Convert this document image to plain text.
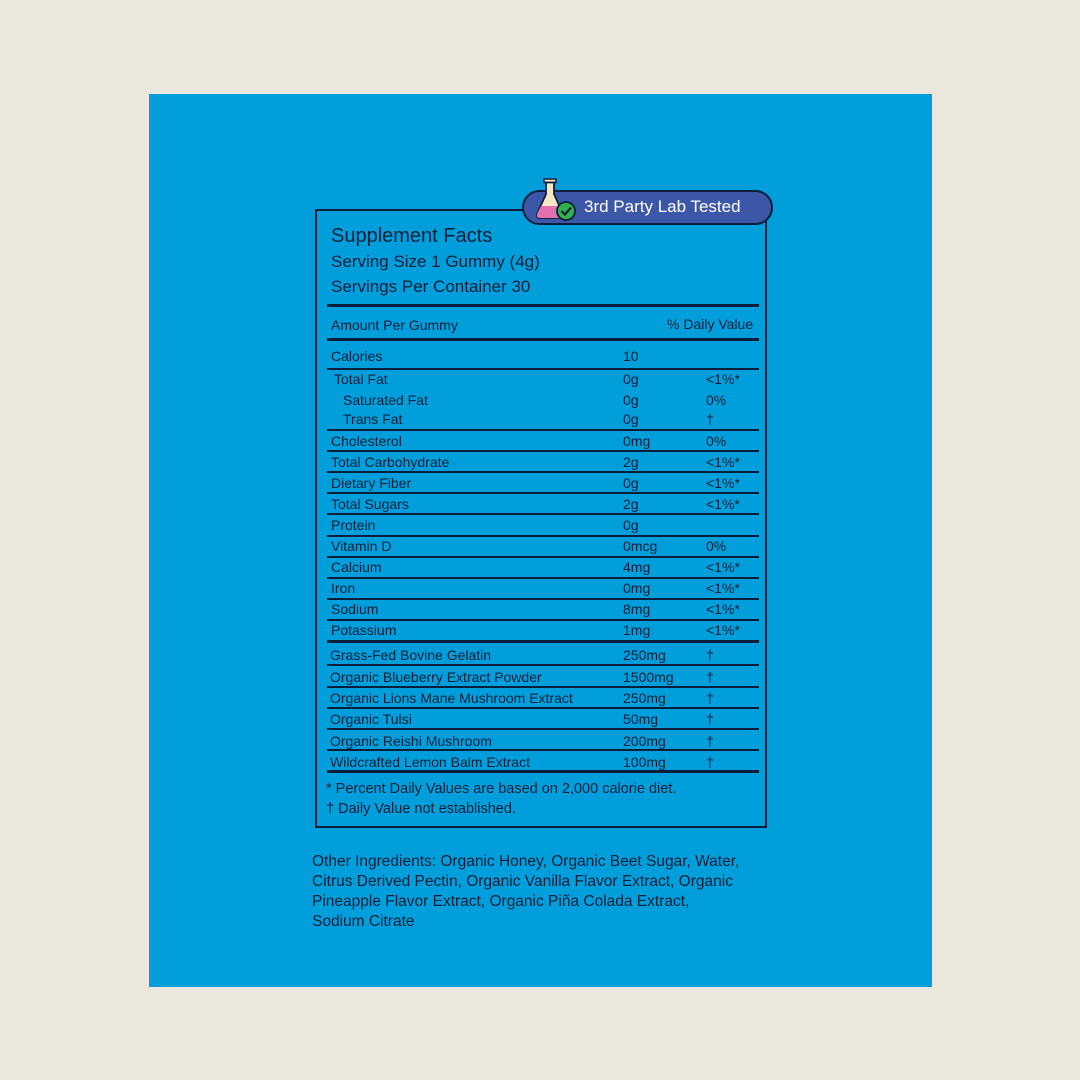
3rd Party Lab Tested
Supplement Facts
Serving Size 1 Gummy (4g)
Servings Per Container 30
Amount Per Gummy	% Daily Value
* Percent Daily Values are based on 2,000 calorie diet.
† Daily Value not established.
Other Ingredients: Organic Honey, Organic Beet Sugar, Water, Citrus Derived Pectin, Organic Vanilla Flavor Extract, Organic Pineapple Flavor Extract, Organic Piña Colada Extract, Sodium Citrate
Calories	10
Total Fat	0g	<1%*
Saturated Fat	0g	0%
Trans Fat	0g	†
Cholesterol	0mg	0%
Total Carbohydrate	2g	<1%*
Dietary Fiber	0g	<1%*
Total Sugars	2g	<1%*
Protein	0g
Vitamin D	0mcg	0%
Calcium	4mg	<1%*
Iron	0mg	<1%*
Sodium	8mg	<1%*
Potassium	1mg	<1%*
Grass-Fed Bovine Gelatin	250mg	†
Organic Blueberry Extract Powder	1500mg †
Organic Lions Mane Mushroom Extract	250mg	†
Organic Tulsi	50mg	†
Organic Reishi Mushroom	200mg	†
Wildcrafted Lemon Balm Extract	100mg	†
